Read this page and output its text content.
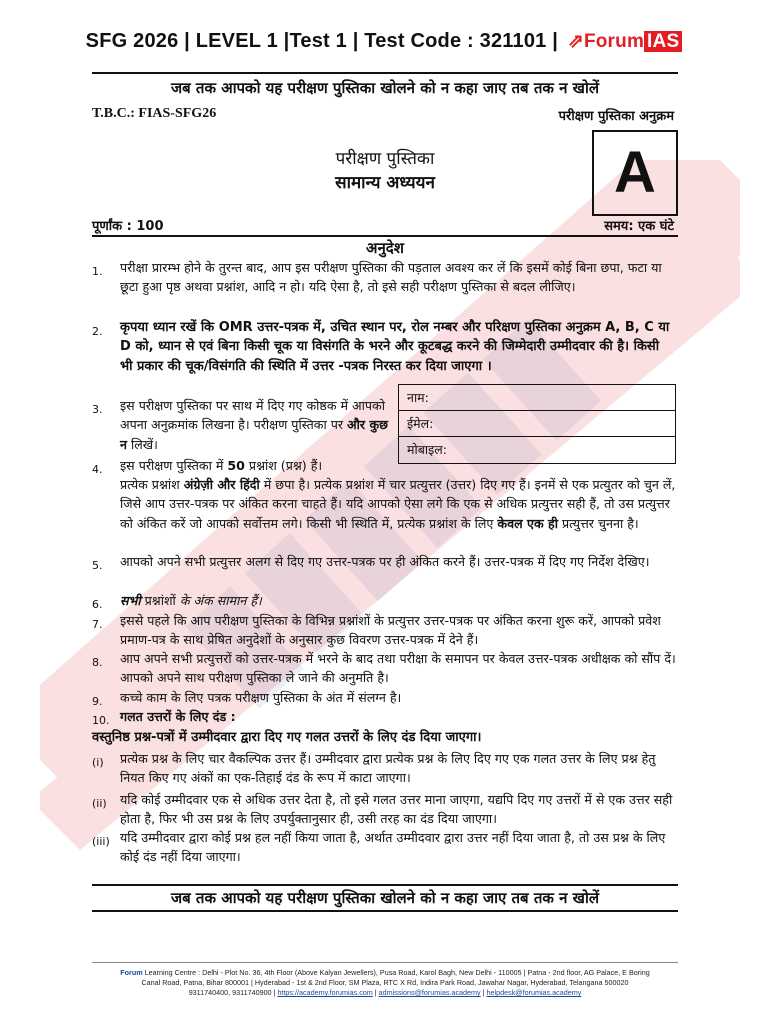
SFG 2026 | LEVEL 1 |Test 1 | Test Code : 321101 | ⇗Forum IAS
जब तक आपको यह परीक्षण पुस्तिका खोलने को न कहा जाए तब तक न खोलें
T.B.C.: FIAS-SFG26	परीक्षण पुस्तिका अनुक्रम
परीक्षण पुस्तिका
सामान्य अध्ययन	A
पूर्णांक : 100	समय: एक घंटे
अनुदेश
नाम:
ईमेल:
मोबाइल:
1.	परीक्षा प्रारम्भ होने के तुरन्त बाद, आप इस परीक्षण पुस्तिका की पड़ताल अवश्य कर लें कि इसमें कोई बिना छपा, फटा या छूटा हुआ पृष्ठ अथवा प्रश्नांश, आदि न हो। यदि ऐसा है, तो इसे सही परीक्षण पुस्तिका से बदल लीजिए।
2.	कृपया ध्यान रखें कि OMR उत्तर-पत्रक में, उचित स्थान पर, रोल नम्बर और परिक्षण पुस्तिका अनुक्रम A, B, C या D को, ध्यान से एवं बिना किसी चूक या विसंगति के भरने और कूटबद्ध करने की जिम्मेदारी उम्मीदवार की है। किसी भी प्रकार की चूक/विसंगति की स्थिति में उत्तर -पत्रक निरस्त कर दिया जाएगा ।
3.	इस परीक्षण पुस्तिका पर साथ में दिए गए कोष्ठक में आपको अपना अनुक्रमांक लिखना है। परीक्षण पुस्तिका पर और कुछ न लिखें।
4.	इस परीक्षण पुस्तिका में 50 प्रश्नांश (प्रश्न) हैं।
प्रत्येक प्रश्नांश अंग्रेज़ी और हिंदी में छपा है। प्रत्येक प्रश्नांश में चार प्रत्युत्तर (उत्तर) दिए गए हैं। इनमें से एक प्रत्युतर को चुन लें, जिसे आप उत्तर-पत्रक पर अंकित करना चाहते हैं। यदि आपको ऐसा लगे कि एक से अधिक प्रत्युत्तर सही हैं, तो उस प्रत्युत्तर को अंकित करें जो आपको सर्वोत्तम लगे। किसी भी स्थिति में, प्रत्येक प्रश्नांश के लिए केवल एक ही प्रत्युत्तर चुनना है।
5.	आपको अपने सभी प्रत्युत्तर अलग से दिए गए उत्तर-पत्रक पर ही अंकित करने हैं। उत्तर-पत्रक में दिए गए निर्देश देखिए।
6.	सभी प्रश्नांशों के अंक सामान हैं।
7.	इससे पहले कि आप परीक्षण पुस्तिका के विभिन्न प्रश्नांशों के प्रत्युत्तर उत्तर-पत्रक पर अंकित करना शुरू करें, आपको प्रवेश प्रमाण-पत्र के साथ प्रेषित अनुदेशों के अनुसार कुछ विवरण उत्तर-पत्रक में देने हैं।
8.	आप अपने सभी प्रत्युत्तरों को उत्तर-पत्रक में भरने के बाद तथा परीक्षा के समापन पर केवल उत्तर-पत्रक अधीक्षक को सौंप दें। आपको अपने साथ परीक्षण पुस्तिका ले जाने की अनुमति है।
9.	कच्चे काम के लिए पत्रक परीक्षण पुस्तिका के अंत में संलग्न है।
10. गलत उत्तरों के लिए दंड :
वस्तुनिष्ठ प्रश्न-पत्रों में उम्मीदवार द्वारा दिए गए गलत उत्तरों के लिए दंड दिया जाएगा।
(i)	प्रत्येक प्रश्न के लिए चार वैकल्पिक उत्तर हैं। उम्मीदवार द्वारा प्रत्येक प्रश्न के लिए दिए गए एक गलत उत्तर के लिए प्रश्न हेतु नियत किए गए अंकों का एक-तिहाई दंड के रूप में काटा जाएगा।
(ii)	यदि कोई उम्मीदवार एक से अधिक उत्तर देता है, तो इसे गलत उत्तर माना जाएगा, यद्यपि दिए गए उत्तरों में से एक उत्तर सही होता है, फिर भी उस प्रश्न के लिए उपर्युक्तानुसार ही, उसी तरह का दंड दिया जाएगा।
(iii) यदि उम्मीदवार द्वारा कोई प्रश्न हल नहीं किया जाता है, अर्थात उम्मीदवार द्वारा उत्तर नहीं दिया जाता है, तो उस प्रश्न के लिए कोई दंड नहीं दिया जाएगा।
जब तक आपको यह परीक्षण पुस्तिका खोलने को न कहा जाए तब तक न खोलें
Forum Learning Centre : Delhi - Plot No. 36, 4th Floor (Above Kalyan Jewellers), Pusa Road, Karol Bagh, New Delhi - 110005 | Patna - 2nd floor, AG Palace, E Boring
Canal Road, Patna, Bihar 800001 | Hyderabad - 1st & 2nd Floor, SM Plaza, RTC X Rd, Indira Park Road, Jawahar Nagar, Hyderabad, Telangana 500020
9311740400, 9311740900 | https://academy.forumias.com | admissions@forumias.academy | helpdesk@forumias.academy
